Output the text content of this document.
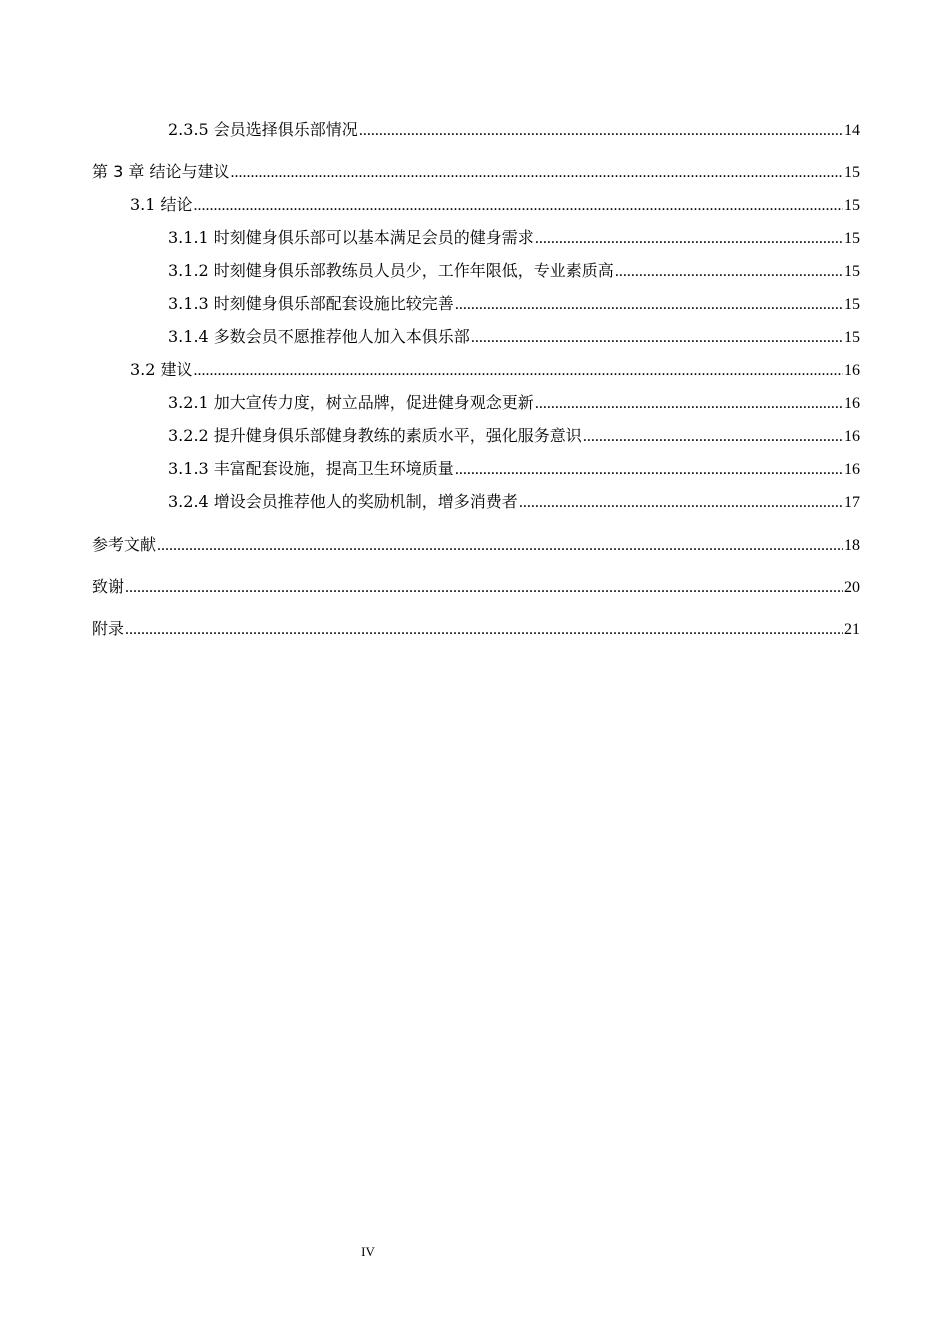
2.3.5 会员选择俱乐部情况 .....	14
第 3 章 结论与建议 .....	15
3.1 结论 .....	15
3.1.1 时刻健身俱乐部可以基本满足会员的健身需求 .....	15
3.1.2 时刻健身俱乐部教练员人员少，工作年限低，专业素质高 .....	15
3.1.3 时刻健身俱乐部配套设施比较完善 .....	15
3.1.4 多数会员不愿推荐他人加入本俱乐部 .....	15
3.2 建议 .....	16
3.2.1 加大宣传力度，树立品牌，促进健身观念更新 .....	16
3.2.2 提升健身俱乐部健身教练的素质水平，强化服务意识 .....	16
3.1.3 丰富配套设施，提高卫生环境质量 .....	16
3.2.4 增设会员推荐他人的奖励机制，增多消费者 .....	17
参考文献 .....	18
致谢 .....	20
附录 .....	21
IV
